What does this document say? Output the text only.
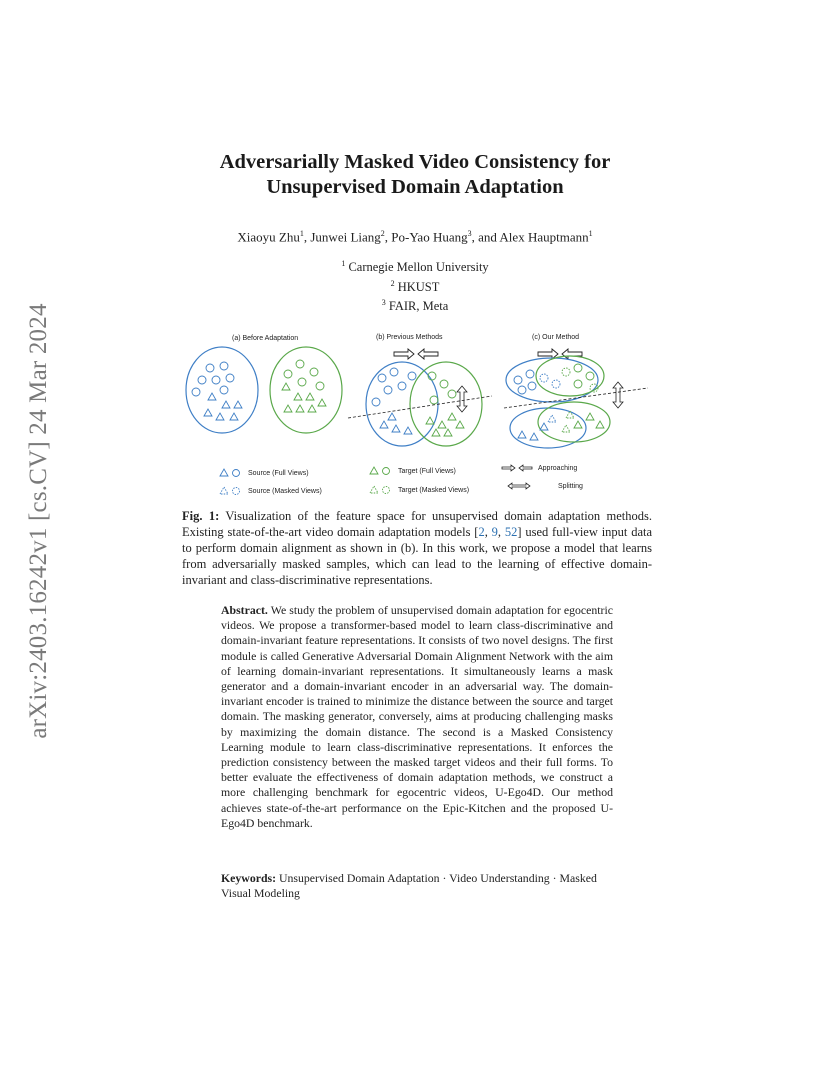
arXiv:2403.16242v1 [cs.CV] 24 Mar 2024
Adversarially Masked Video Consistency for
Unsupervised Domain Adaptation
Xiaoyu Zhu$^1$, Junwei Liang$^2$, Po-Yao Huang$^3$, and Alex Hauptmann$^1$
$^1$ Carnegie Mellon University
$^2$ HKUST
$^3$ FAIR, Meta
(a) Before Adaptation	(b) Previous Methods	(c) Our Method
Source (Full Views)
Source (Masked Views)
Target (Full Views)
Target (Masked Views)
Approaching
Splitting
Fig. 1: Visualization of the feature space for unsupervised domain adaptation methods. Existing state-of-the-art video domain adaptation models [2, 9, 52] used full-view input data to perform domain alignment as shown in (b). In this work, we propose a model that learns from adversarially masked samples, which can lead to the learning of effective domain-invariant and class-discriminative representations.
Abstract. We study the problem of unsupervised domain adaptation for egocentric videos. We propose a transformer-based model to learn class-discriminative and domain-invariant feature representations. It consists of two novel designs. The first module is called Generative Adversarial Domain Alignment Network with the aim of learning domain-invariant representations. It simultaneously learns a mask generator and a domain-invariant encoder in an adversarial way. The domain-invariant encoder is trained to minimize the distance between the source and target domain. The masking generator, conversely, aims at producing challenging masks by maximizing the domain distance. The second is a Masked Consistency Learning module to learn class-discriminative representations. It enforces the prediction consistency between the masked target videos and their full forms. To better evaluate the effectiveness of domain adaptation methods, we construct a more challenging benchmark for egocentric videos, U-Ego4D. Our method achieves state-of-the-art performance on the Epic-Kitchen and the proposed U-Ego4D benchmark.
Keywords: Unsupervised Domain Adaptation · Video Understanding · Masked Visual Modeling
